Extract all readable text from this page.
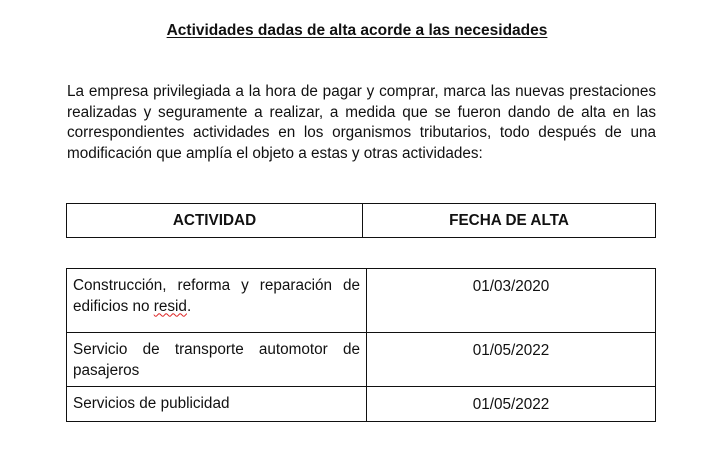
Actividades dadas de alta acorde a las necesidades
La empresa privilegiada a la hora de pagar y comprar, marca las nuevas prestaciones realizadas y seguramente a realizar, a medida que se fueron dando de alta en las correspondientes actividades en los organismos tributarios, todo después de una modificación que amplía el objeto a estas y otras actividades:
ACTIVIDAD	FECHA DE ALTA
Construcción, reforma y reparación de edificios no resid.	01/03/2020
Servicio de transporte automotor de pasajeros	01/05/2022
Servicios de publicidad	01/05/2022
